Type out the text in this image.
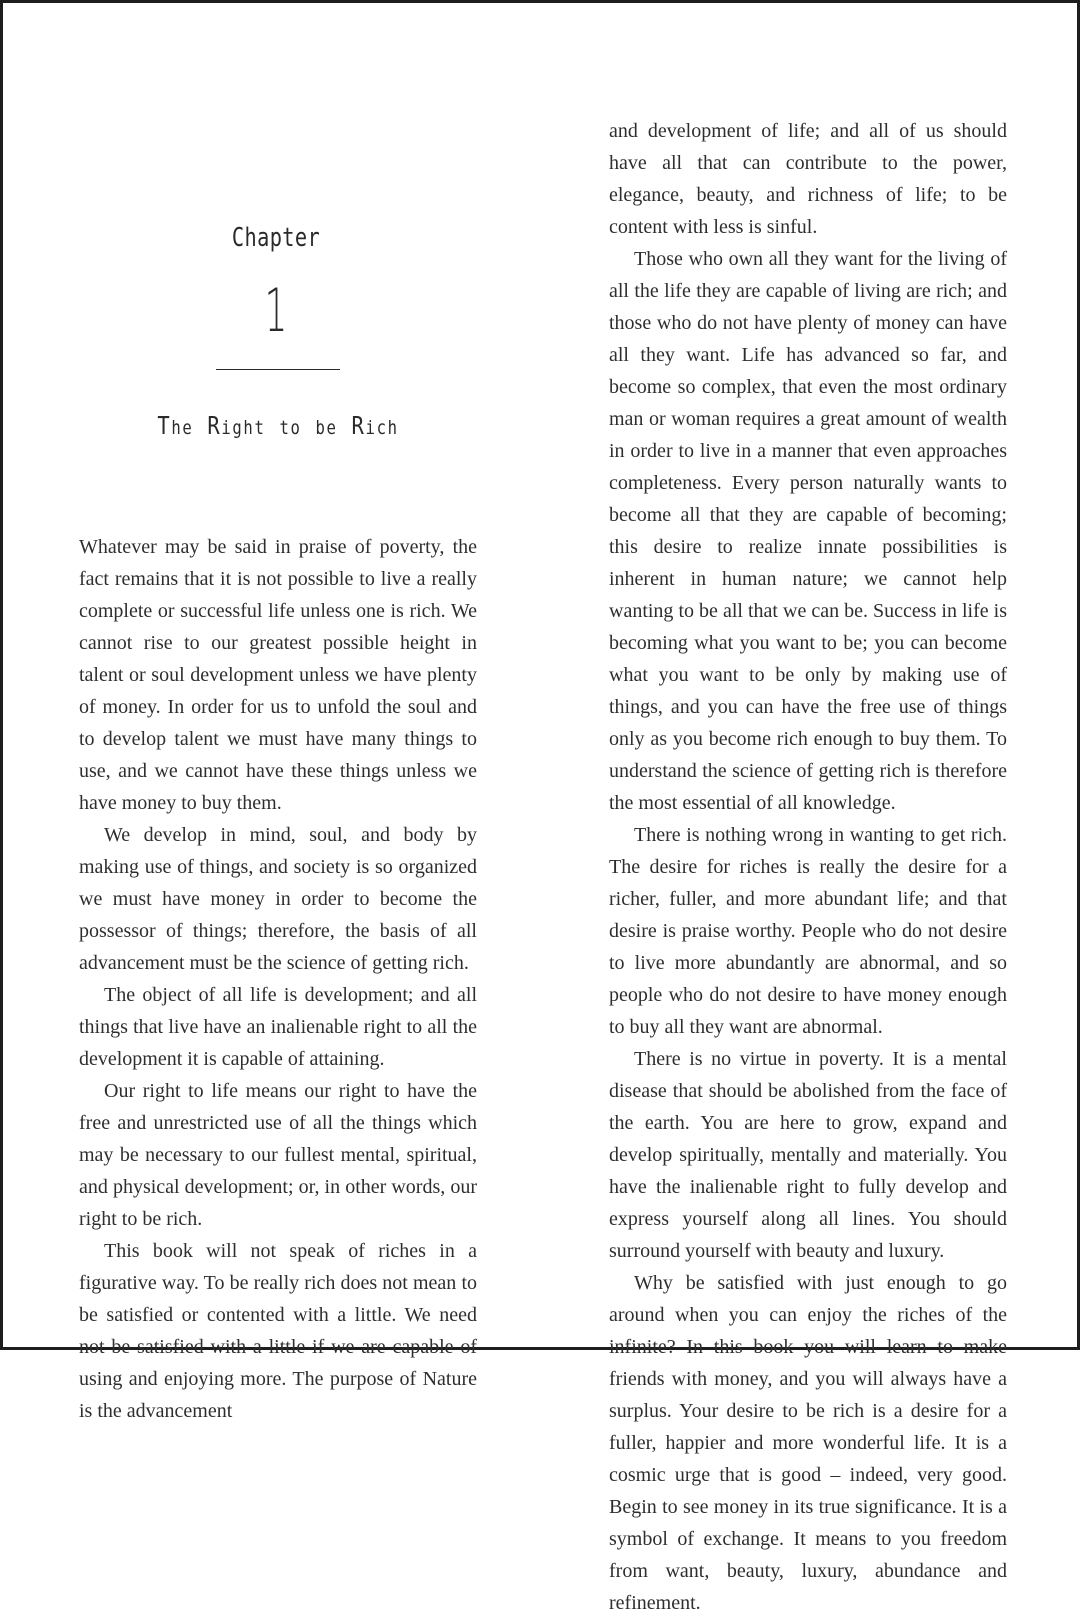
Chapter
1
The Right to be Rich

Whatever may be said in praise of poverty, the fact remains that it is not possible to live a really complete or successful life unless one is rich. We cannot rise to our greatest possible height in talent or soul development unless we have plenty of money. In order for us to unfold the soul and to develop talent we must have many things to use, and we cannot have these things unless we have money to buy them.

We develop in mind, soul, and body by making use of things, and society is so organized we must have money in order to become the possessor of things; therefore, the basis of all advancement must be the science of getting rich.

The object of all life is development; and all things that live have an inalienable right to all the development it is capable of attaining.

Our right to life means our right to have the free and unrestricted use of all the things which may be necessary to our fullest mental, spiritual, and physical development; or, in other words, our right to be rich.

This book will not speak of riches in a figurative way. To be really rich does not mean to be satisfied or contented with a little. We need not be satisfied with a little if we are capable of using and enjoying more. The purpose of Nature is the advancement

and development of life; and all of us should have all that can contribute to the power, elegance, beauty, and richness of life; to be content with less is sinful.

Those who own all they want for the living of all the life they are capable of living are rich; and those who do not have plenty of money can have all they want. Life has advanced so far, and become so complex, that even the most ordinary man or woman requires a great amount of wealth in order to live in a manner that even approaches completeness. Every person naturally wants to become all that they are capable of becoming; this desire to realize innate possibilities is inherent in human nature; we cannot help wanting to be all that we can be. Success in life is becoming what you want to be; you can become what you want to be only by making use of things, and you can have the free use of things only as you become rich enough to buy them. To understand the science of getting rich is therefore the most essential of all knowledge.

There is nothing wrong in wanting to get rich. The desire for riches is really the desire for a richer, fuller, and more abundant life; and that desire is praise worthy. People who do not desire to live more abundantly are abnormal, and so people who do not desire to have money enough to buy all they want are abnormal.

There is no virtue in poverty. It is a mental disease that should be abolished from the face of the earth. You are here to grow, expand and develop spiritually, mentally and materially. You have the inalienable right to fully develop and express yourself along all lines. You should surround yourself with beauty and luxury.

Why be satisfied with just enough to go around when you can enjoy the riches of the infinite? In this book you will learn to make friends with money, and you will always have a surplus. Your desire to be rich is a desire for a fuller, happier and more wonderful life. It is a cosmic urge that is good – indeed, very good. Begin to see money in its true significance. It is a symbol of exchange. It means to you freedom from want, beauty, luxury, abundance and refinement.
